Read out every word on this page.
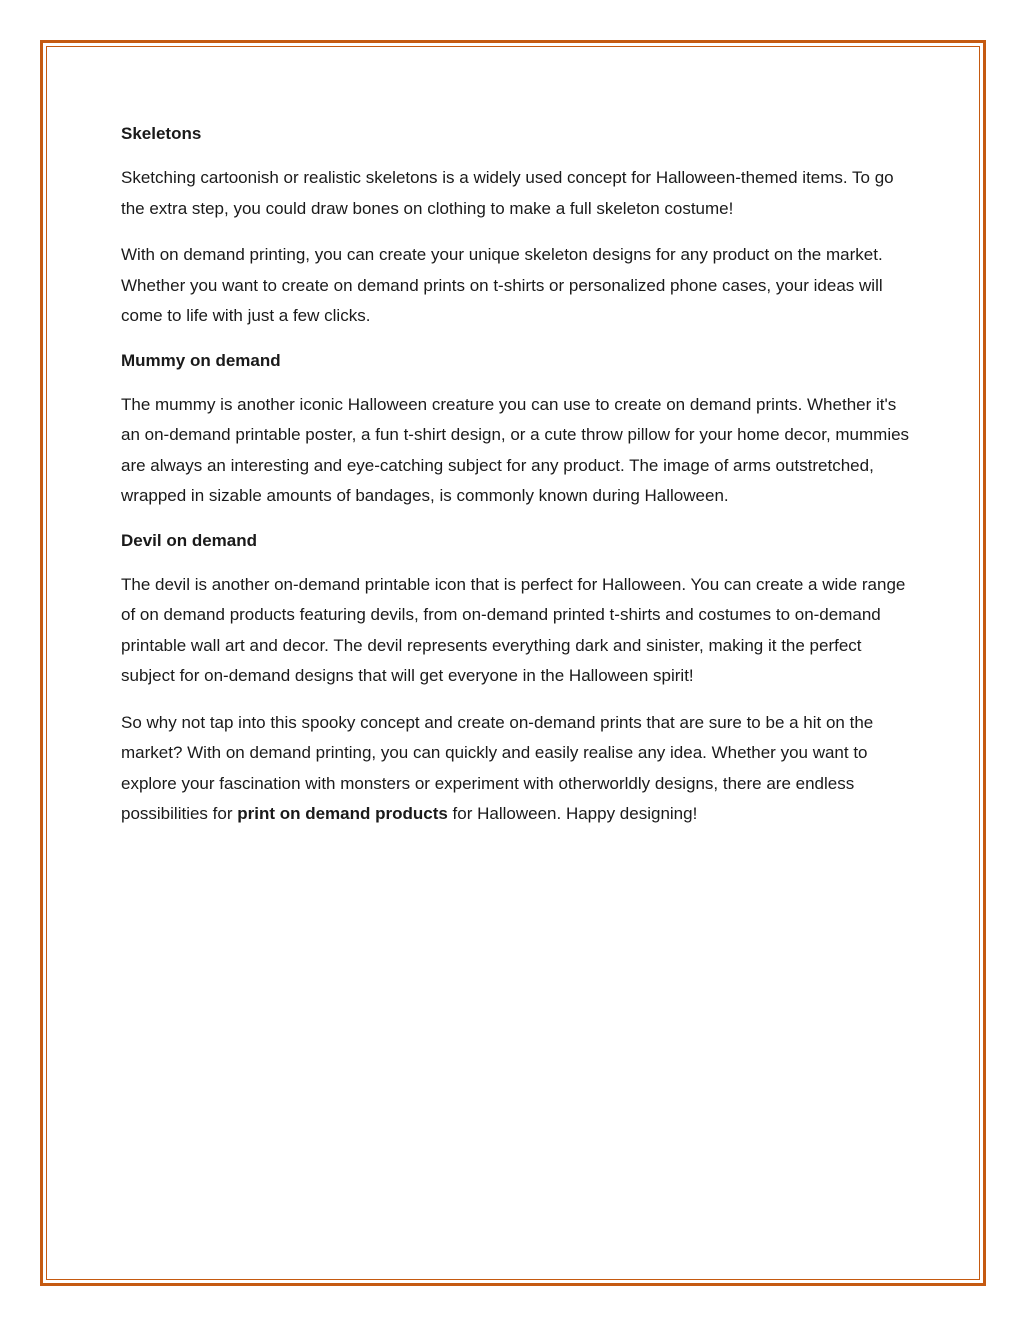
Skeletons
Sketching cartoonish or realistic skeletons is a widely used concept for Halloween-themed items. To go the extra step, you could draw bones on clothing to make a full skeleton costume!
With on demand printing, you can create your unique skeleton designs for any product on the market. Whether you want to create on demand prints on t-shirts or personalized phone cases, your ideas will come to life with just a few clicks.
Mummy on demand
The mummy is another iconic Halloween creature you can use to create on demand prints. Whether it's an on-demand printable poster, a fun t-shirt design, or a cute throw pillow for your home decor, mummies are always an interesting and eye-catching subject for any product. The image of arms outstretched, wrapped in sizable amounts of bandages, is commonly known during Halloween.
Devil on demand
The devil is another on-demand printable icon that is perfect for Halloween. You can create a wide range of on demand products featuring devils, from on-demand printed t-shirts and costumes to on-demand printable wall art and decor. The devil represents everything dark and sinister, making it the perfect subject for on-demand designs that will get everyone in the Halloween spirit!
So why not tap into this spooky concept and create on-demand prints that are sure to be a hit on the market? With on demand printing, you can quickly and easily realise any idea. Whether you want to explore your fascination with monsters or experiment with otherworldly designs, there are endless possibilities for print on demand products for Halloween. Happy designing!
